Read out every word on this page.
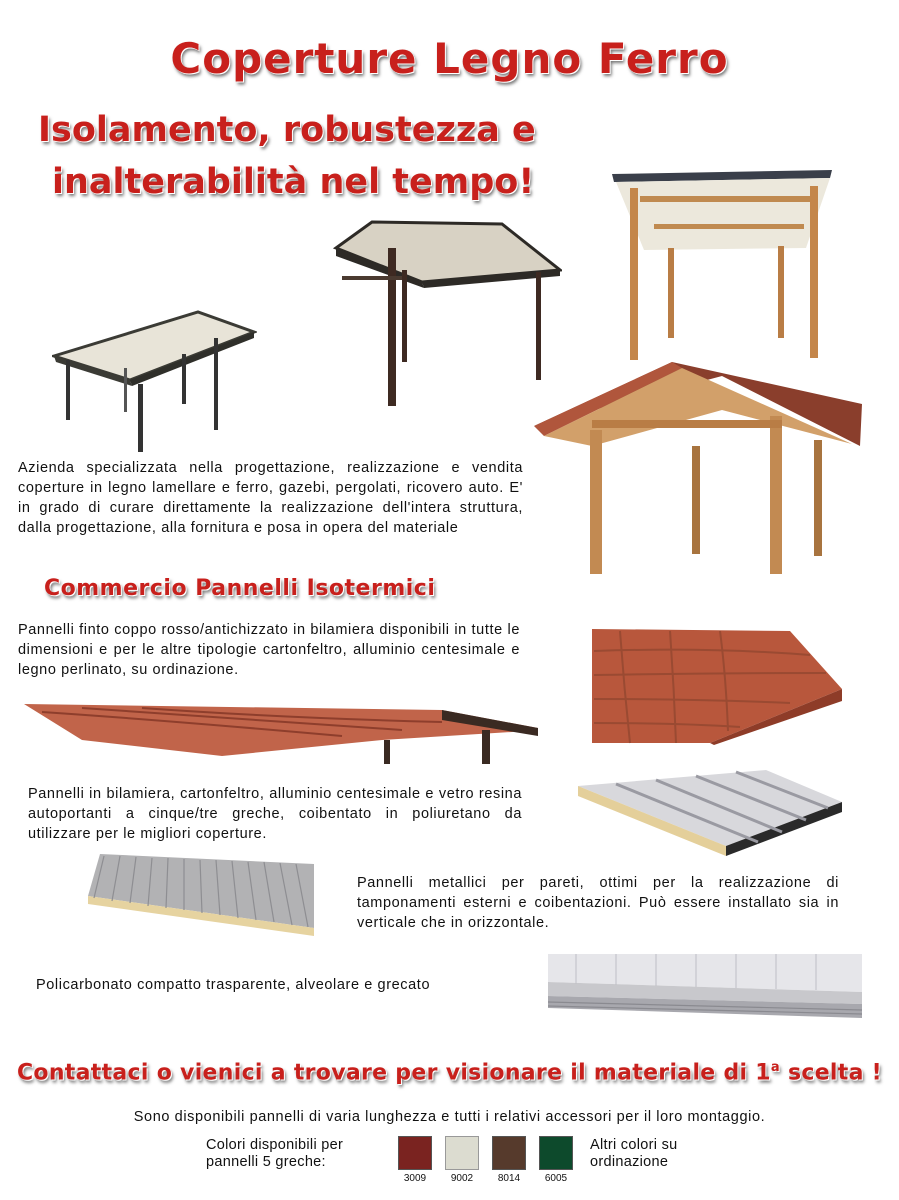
Coperture Legno Ferro
Isolamento, robustezza e
inalterabilità nel tempo!
Azienda specializzata nella progettazione, realizzazione e vendita coperture in legno lamellare e ferro, gazebi, pergolati, ricovero auto. E' in grado di curare direttamente la realizzazione dell'intera struttura, dalla progettazione, alla fornitura e posa in opera del materiale
Commercio Pannelli Isotermici
Pannelli finto coppo rosso/antichizzato in bilamiera disponibili in tutte le dimensioni e per le altre tipologie cartonfeltro, alluminio centesimale e legno perlinato, su ordinazione.
Pannelli in bilamiera, cartonfeltro, alluminio centesimale e vetro resina autoportanti a cinque/tre greche, coibentato in poliuretano da utilizzare per le migliori coperture.
Pannelli metallici per pareti, ottimi per la realizzazione di tamponamenti esterni e coibentazioni. Può essere installato sia in verticale che in orizzontale.
Policarbonato compatto trasparente, alveolare e grecato
Contattaci o vienici a trovare per visionare il materiale di 1$^a$ scelta !
Sono disponibili pannelli di varia lunghezza e tutti i relativi accessori per il loro montaggio.
Colori disponibili per
pannelli 5 greche:
3009	9002	8014	6005
Altri colori su
ordinazione
